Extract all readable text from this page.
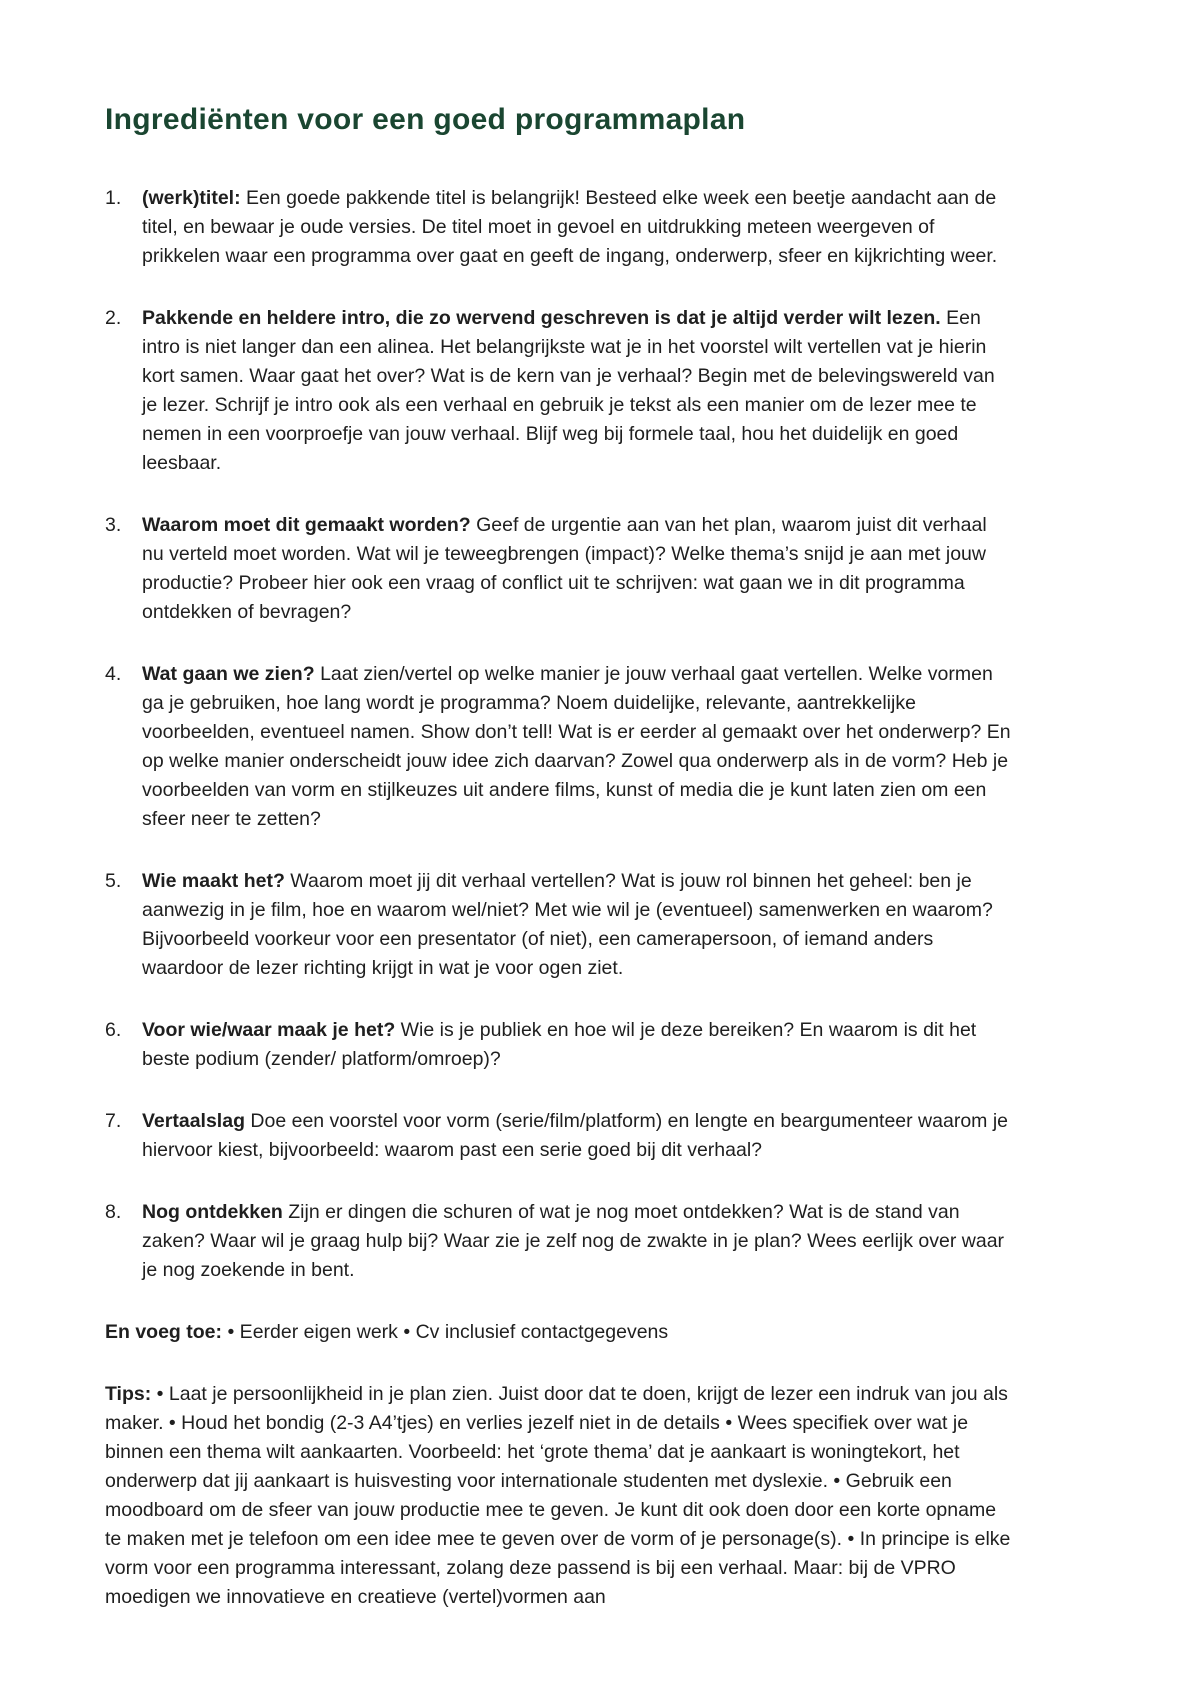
Ingrediënten voor een goed programmaplan
1.	(werk)titel: Een goede pakkende titel is belangrijk! Besteed elke week een beetje aandacht aan de titel, en bewaar je oude versies. De titel moet in gevoel en uitdrukking meteen weergeven of prikkelen waar een programma over gaat en geeft de ingang, onderwerp, sfeer en kijkrichting weer.
2.	Pakkende en heldere intro, die zo wervend geschreven is dat je altijd verder wilt lezen. Een intro is niet langer dan een alinea. Het belangrijkste wat je in het voorstel wilt vertellen vat je hierin kort samen. Waar gaat het over? Wat is de kern van je verhaal? Begin met de belevingswereld van je lezer. Schrijf je intro ook als een verhaal en gebruik je tekst als een manier om de lezer mee te nemen in een voorproefje van jouw verhaal. Blijf weg bij formele taal, hou het duidelijk en goed leesbaar.
3.	Waarom moet dit gemaakt worden? Geef de urgentie aan van het plan, waarom juist dit verhaal nu verteld moet worden. Wat wil je teweegbrengen (impact)? Welke thema’s snijd je aan met jouw productie? Probeer hier ook een vraag of conflict uit te schrijven: wat gaan we in dit programma ontdekken of bevragen?
4.	Wat gaan we zien? Laat zien/vertel op welke manier je jouw verhaal gaat vertellen. Welke vormen ga je gebruiken, hoe lang wordt je programma? Noem duidelijke, relevante, aantrekkelijke voorbeelden, eventueel namen. Show don’t tell! Wat is er eerder al gemaakt over het onderwerp? En op welke manier onderscheidt jouw idee zich daarvan? Zowel qua onderwerp als in de vorm? Heb je voorbeelden van vorm en stijlkeuzes uit andere films, kunst of media die je kunt laten zien om een sfeer neer te zetten?
5.	Wie maakt het? Waarom moet jij dit verhaal vertellen? Wat is jouw rol binnen het geheel: ben je aanwezig in je film, hoe en waarom wel/niet? Met wie wil je (eventueel) samenwerken en waarom? Bijvoorbeeld voorkeur voor een presentator (of niet), een camerapersoon, of iemand anders waardoor de lezer richting krijgt in wat je voor ogen ziet.
6.	Voor wie/waar maak je het? Wie is je publiek en hoe wil je deze bereiken? En waarom is dit het beste podium (zender/ platform/omroep)?
7.	Vertaalslag Doe een voorstel voor vorm (serie/film/platform) en lengte en beargumenteer waarom je hiervoor kiest, bijvoorbeeld: waarom past een serie goed bij dit verhaal?
8.	Nog ontdekken Zijn er dingen die schuren of wat je nog moet ontdekken? Wat is de stand van zaken? Waar wil je graag hulp bij? Waar zie je zelf nog de zwakte in je plan? Wees eerlijk over waar je nog zoekende in bent.

En voeg toe: • Eerder eigen werk • Cv inclusief contactgegevens

Tips: • Laat je persoonlijkheid in je plan zien. Juist door dat te doen, krijgt de lezer een indruk van jou als maker. • Houd het bondig (2-3 A4’tjes) en verlies jezelf niet in de details • Wees specifiek over wat je binnen een thema wilt aankaarten. Voorbeeld: het ‘grote thema’ dat je aankaart is woningtekort, het onderwerp dat jij aankaart is huisvesting voor internationale studenten met dyslexie. • Gebruik een moodboard om de sfeer van jouw productie mee te geven. Je kunt dit ook doen door een korte opname te maken met je telefoon om een idee mee te geven over de vorm of je personage(s). • In principe is elke vorm voor een programma interessant, zolang deze passend is bij een verhaal. Maar: bij de VPRO moedigen we innovatieve en creatieve (vertel)vormen aan
